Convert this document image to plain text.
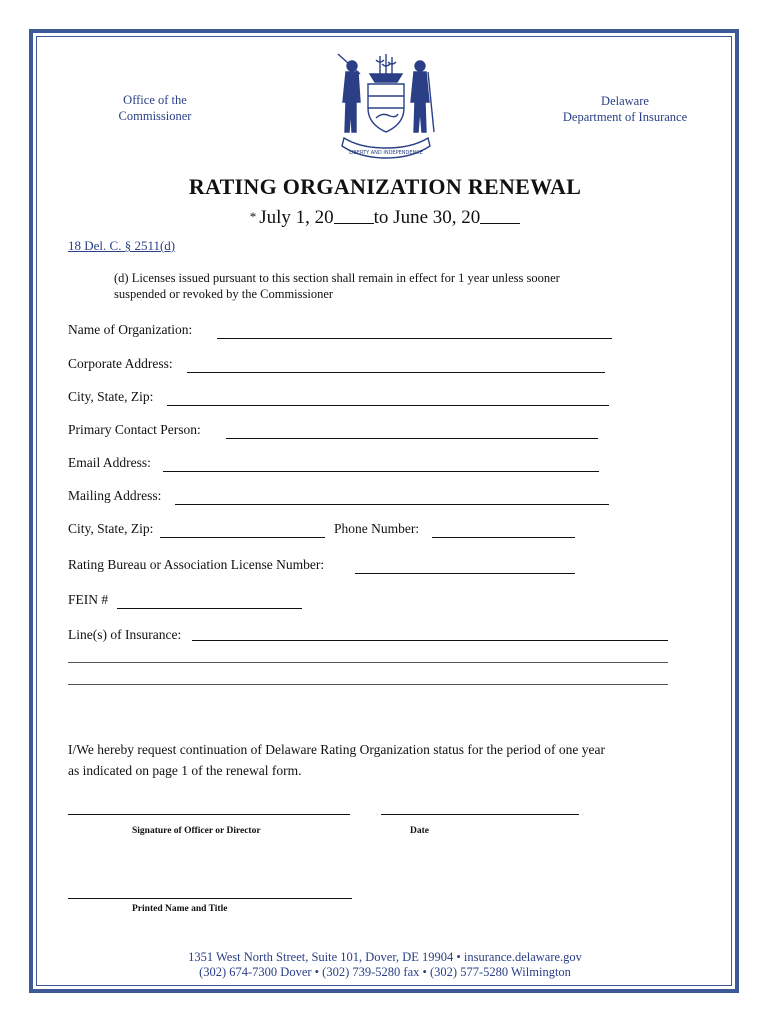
Office of the
Commissioner
Delaware
Department of Insurance
LIBERTY AND INDEPENDENCE
RATING ORGANIZATION RENEWAL
* July 1, 20 to June 30, 20
18 Del. C. § 2511(d)
(d) Licenses issued pursuant to this section shall remain in effect for 1 year unless sooner
suspended or revoked by the Commissioner
Name of Organization:
Corporate Address:
City, State, Zip:
Primary Contact Person:
Email Address:
Mailing Address:
City, State, Zip:	Phone Number:
Rating Bureau or Association License Number:
FEIN #
Line(s) of Insurance:
I/We hereby request continuation of Delaware Rating Organization status for the period of one year
as indicated on page 1 of the renewal form.
Signature of Officer or Director	Date
Printed Name and Title
1351 West North Street, Suite 101, Dover, DE 19904 • insurance.delaware.gov
(302) 674-7300 Dover • (302) 739-5280 fax • (302) 577-5280 Wilmington
